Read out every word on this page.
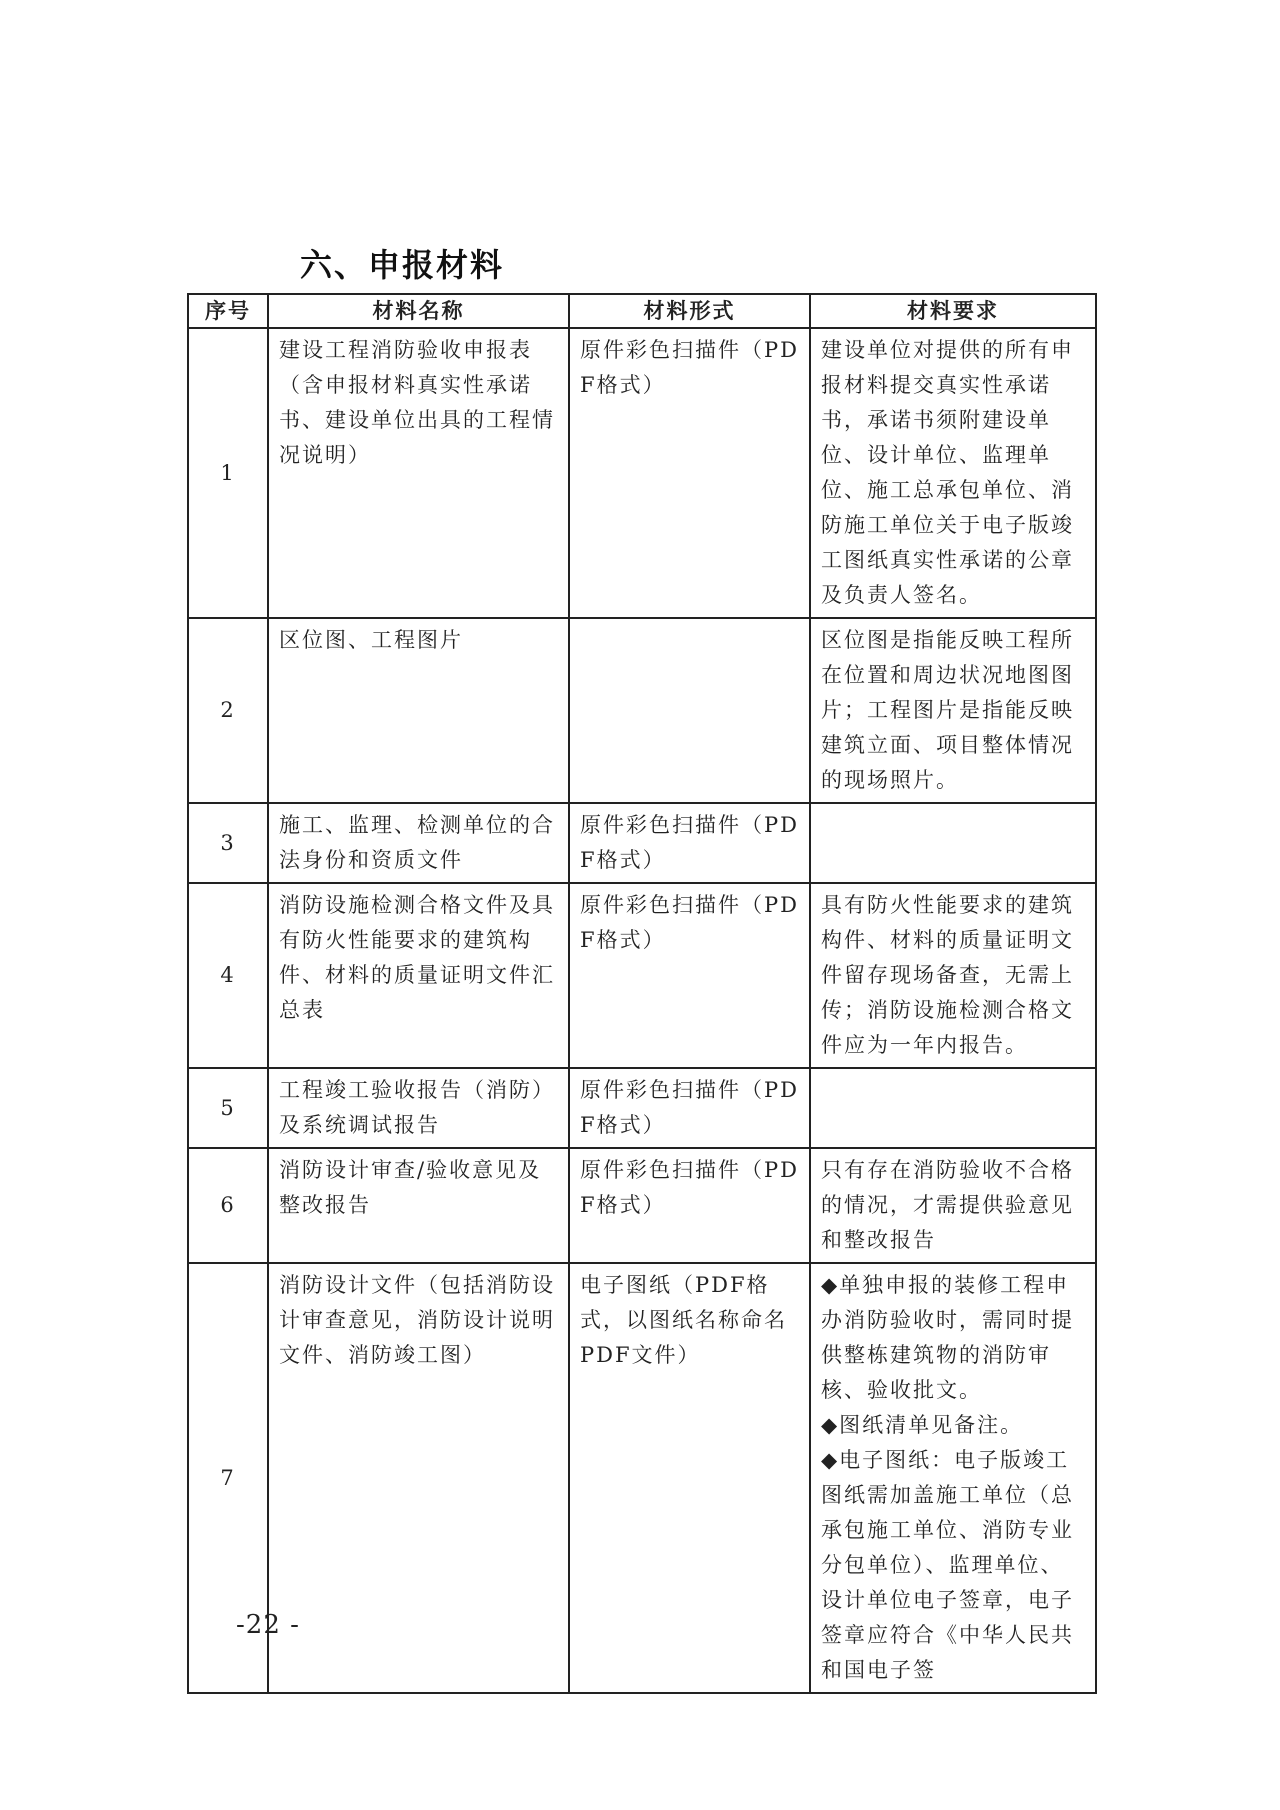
六、申报材料
序号	材料名称	材料形式	材料要求
1	建设工程消防验收申报表（含申报材料真实性承诺书、建设单位出具的工程情况说明）	原件彩色扫描件（PDF格式）	建设单位对提供的所有申报材料提交真实性承诺书，承诺书须附建设单位、设计单位、监理单位、施工总承包单位、消防施工单位关于电子版竣工图纸真实性承诺的公章及负责人签名。

2	区位图、工程图片		区位图是指能反映工程所在位置和周边状况地图图片；工程图片是指能反映建筑立面、项目整体情况的现场照片。

3	施工、监理、检测单位的合法身份和资质文件	原件彩色扫描件（PDF格式）	

4	消防设施检测合格文件及具有防火性能要求的建筑构件、材料的质量证明文件汇总表	原件彩色扫描件（PDF格式）	具有防火性能要求的建筑构件、材料的质量证明文件留存现场备查，无需上传；消防设施检测合格文件应为一年内报告。

5	工程竣工验收报告（消防）及系统调试报告	原件彩色扫描件（PDF格式）	

6	消防设计审查/验收意见及整改报告	原件彩色扫描件（PDF格式）	只有存在消防验收不合格的情况，才需提供验意见和整改报告

7	消防设计文件（包括消防设计审查意见，消防设计说明文件、消防竣工图）	电子图纸（PDF格式，以图纸名称命名PDF文件）	◆单独申报的装修工程申办消防验收时，需同时提供整栋建筑物的消防审核、验收批文。
◆图纸清单见备注。
◆电子图纸：电子版竣工图纸需加盖施工单位（总承包施工单位、消防专业分包单位）、监理单位、设计单位电子签章，电子签章应符合《中华人民共和国电子签
-22 -
